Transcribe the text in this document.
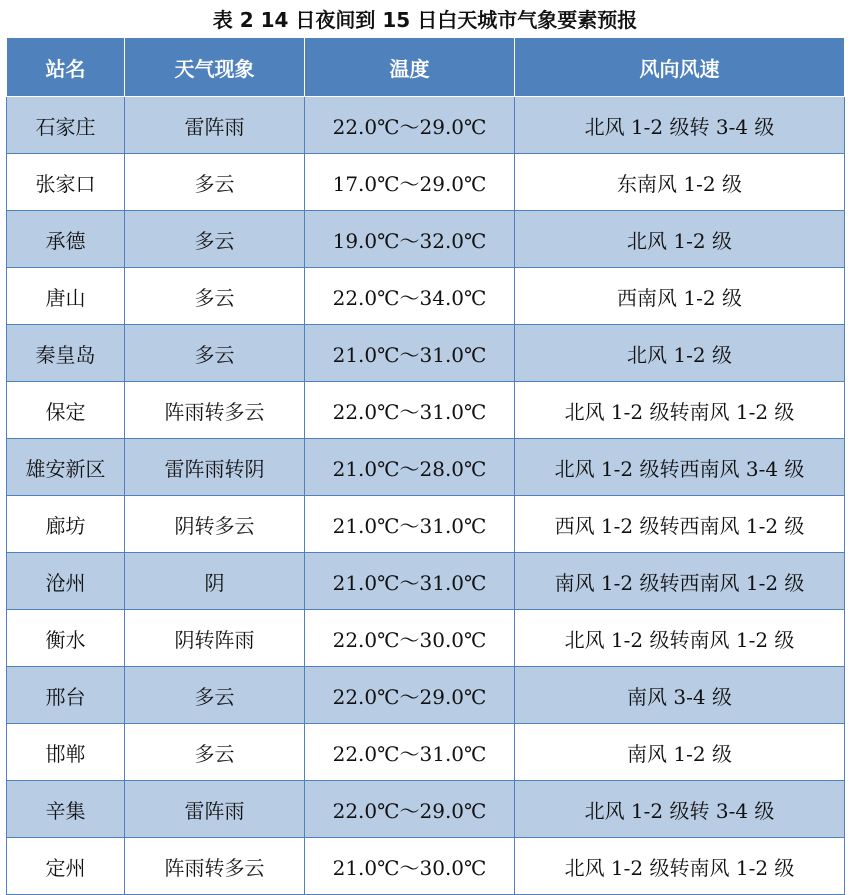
表 2 14 日夜间到 15 日白天城市气象要素预报
站名	天气现象	温度	风向风速
石家庄	雷阵雨	22.0℃～29.0℃	北风 1-2 级转 3-4 级
张家口	多云	17.0℃～29.0℃	东南风 1-2 级
承德	多云	19.0℃～32.0℃	北风 1-2 级
唐山	多云	22.0℃～34.0℃	西南风 1-2 级
秦皇岛	多云	21.0℃～31.0℃	北风 1-2 级
保定	阵雨转多云	22.0℃～31.0℃	北风 1-2 级转南风 1-2 级
雄安新区	雷阵雨转阴	21.0℃～28.0℃	北风 1-2 级转西南风 3-4 级
廊坊	阴转多云	21.0℃～31.0℃	西风 1-2 级转西南风 1-2 级
沧州	阴	21.0℃～31.0℃	南风 1-2 级转西南风 1-2 级
衡水	阴转阵雨	22.0℃～30.0℃	北风 1-2 级转南风 1-2 级
邢台	多云	22.0℃～29.0℃	南风 3-4 级
邯郸	多云	22.0℃～31.0℃	南风 1-2 级
辛集	雷阵雨	22.0℃～29.0℃	北风 1-2 级转 3-4 级
定州	阵雨转多云	21.0℃～30.0℃	北风 1-2 级转南风 1-2 级
